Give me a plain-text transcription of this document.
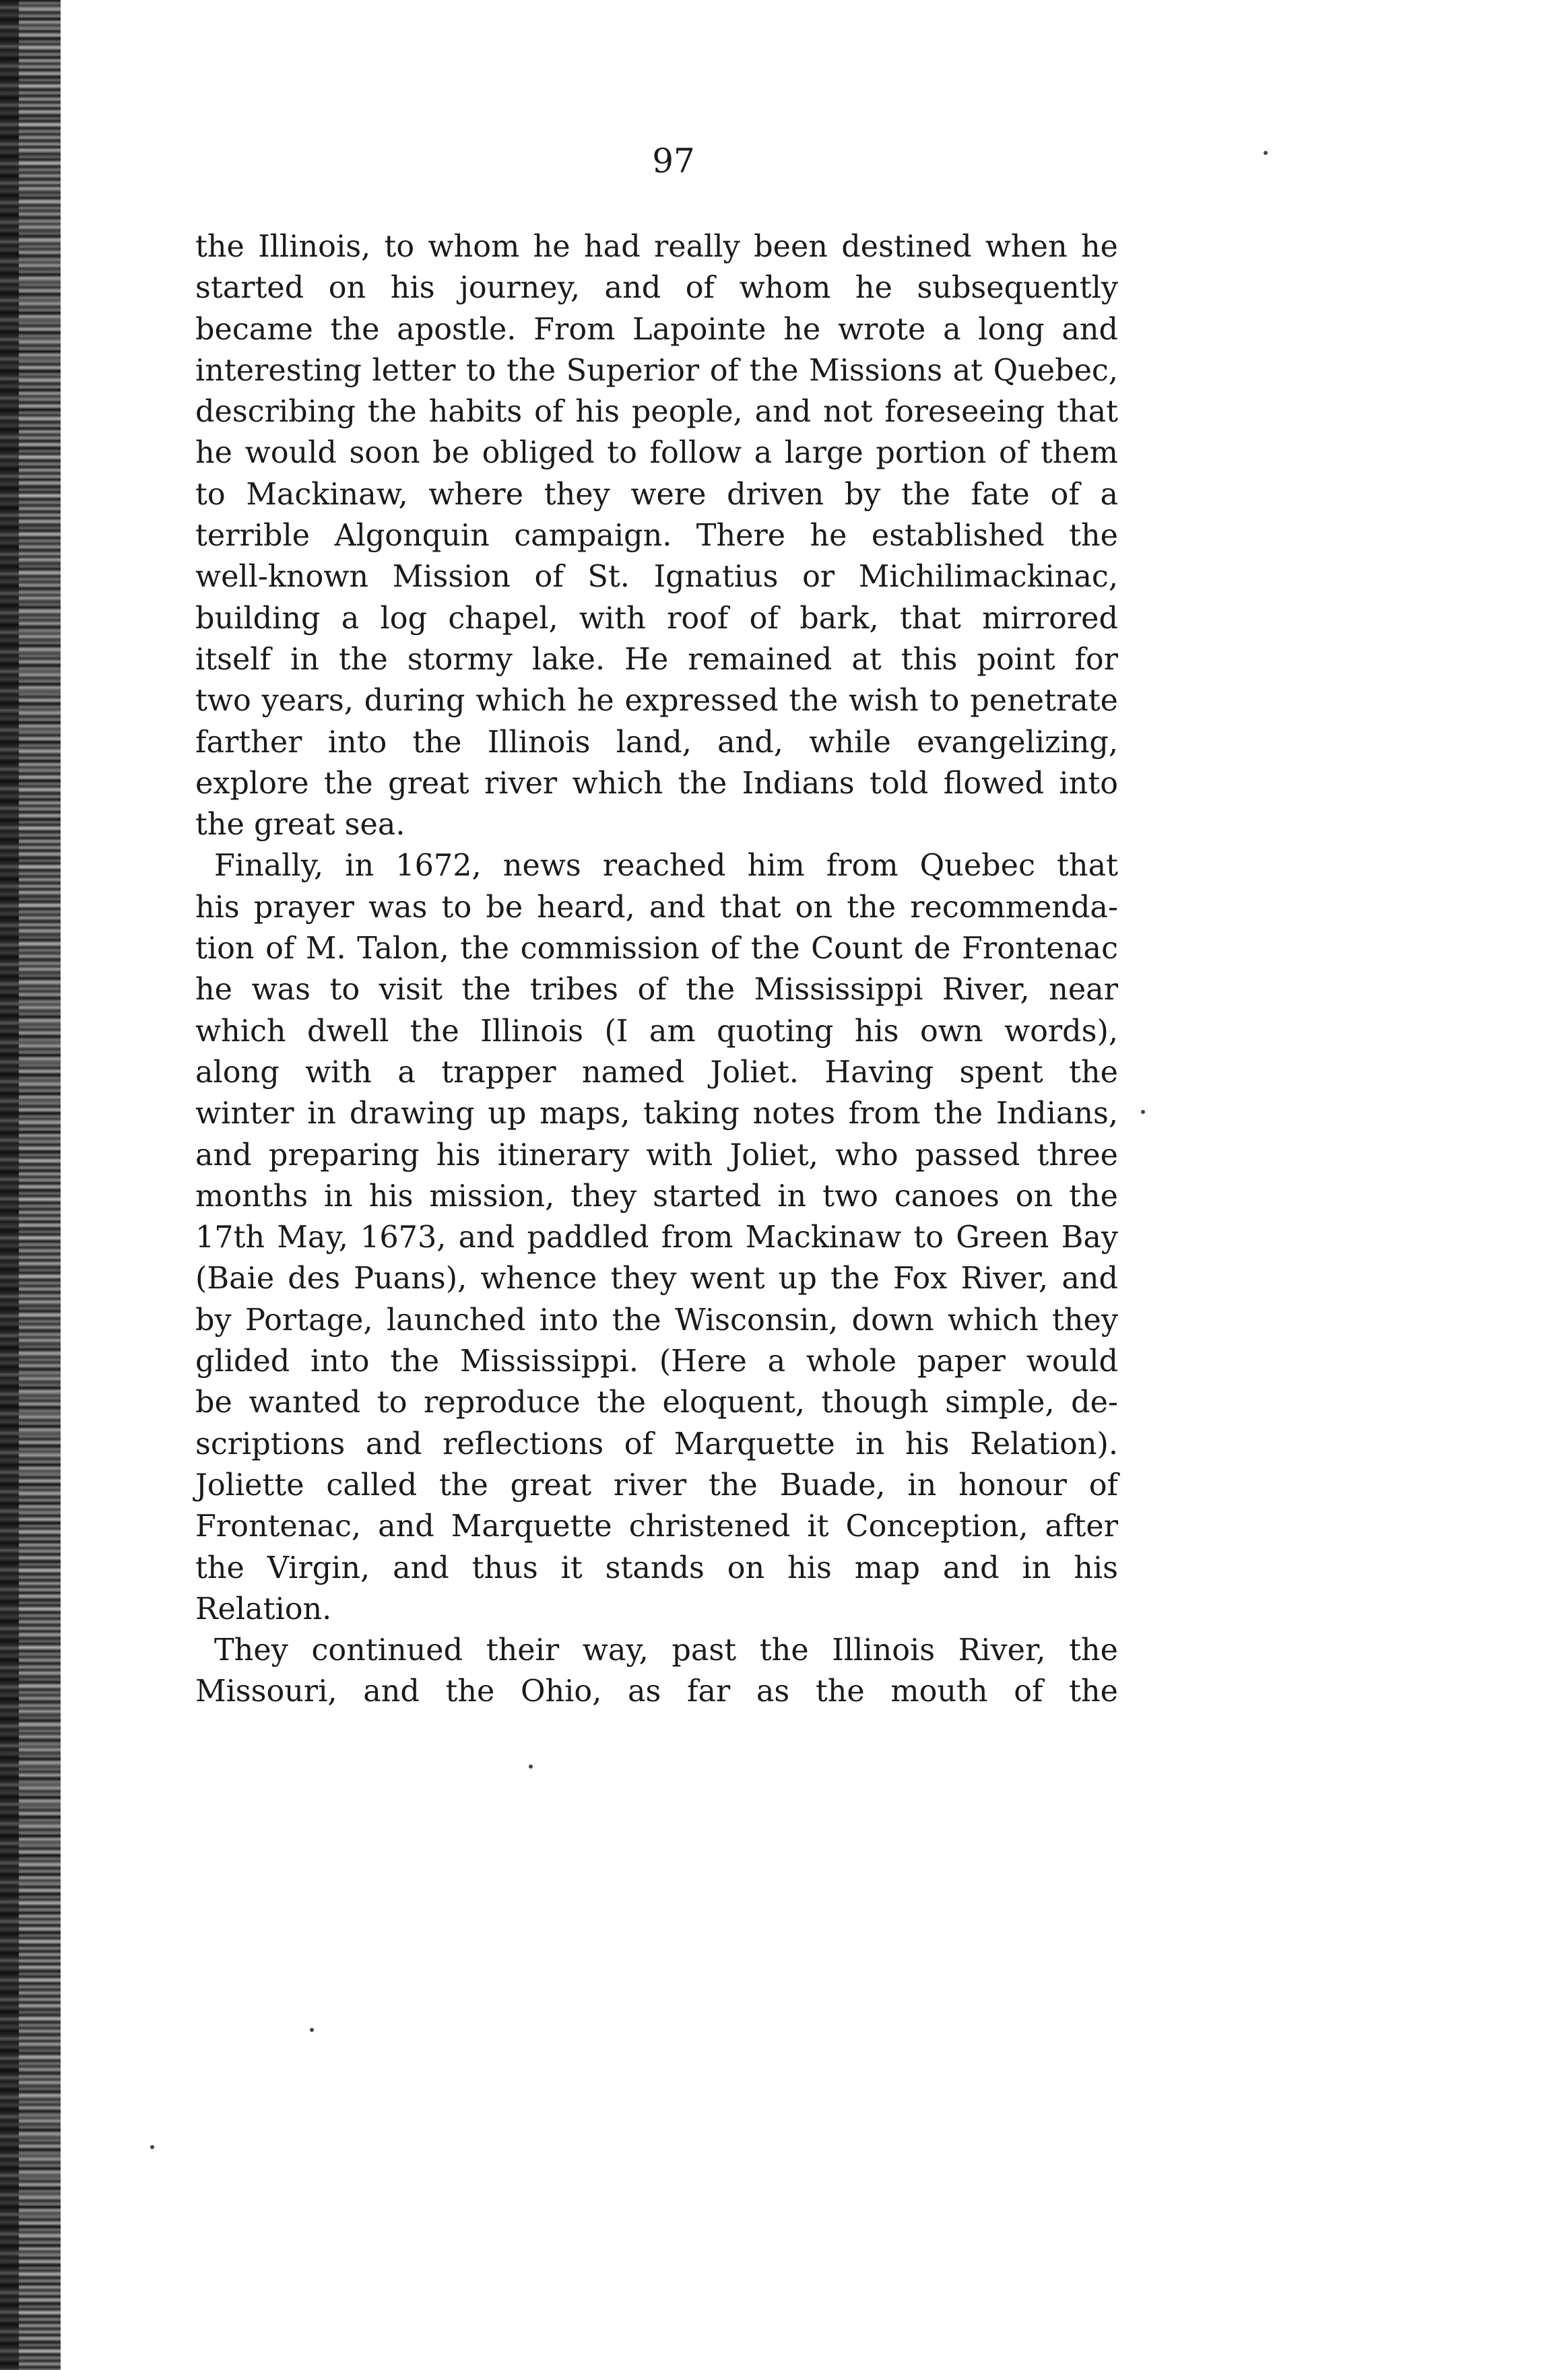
97

the Illinois, to whom he had really been destined when he
started on his journey, and of whom he subsequently
became the apostle. From Lapointe he wrote a long and
interesting letter to the Superior of the Missions at Quebec,
describing the habits of his people, and not foreseeing that
he would soon be obliged to follow a large portion of them
to Mackinaw, where they were driven by the fate of a
terrible Algonquin campaign. There he established the
well-known Mission of St. Ignatius or Michilimackinac,
building a log chapel, with roof of bark, that mirrored
itself in the stormy lake. He remained at this point for
two years, during which he expressed the wish to penetrate
farther into the Illinois land, and, while evangelizing,
explore the great river which the Indians told flowed into
the great sea.

Finally, in 1672, news reached him from Quebec that

his prayer was to be heard, and that on the recommenda-
tion of M. Talon, the commission of the Count de Frontenac
he was to visit the tribes of the Mississippi River, near
which dwell the Illinois (I am quoting his own words),
along with a trapper named Joliet. Having spent the
winter in drawing up maps, taking notes from the Indians,
and preparing his itinerary with Joliet, who passed three
months in his mission, they started in two canoes on the
17th May, 1673, and paddled from Mackinaw to Green Bay
(Baie des Puans), whence they went up the Fox River, and
by Portage, launched into the Wisconsin, down which they
glided into the Mississippi. (Here a whole paper would
be wanted to reproduce the eloquent, though simple, de-
scriptions and reflections of Marquette in his Relation).
Joliette called the great river the Buade, in honour of
Frontenac, and Marquette christened it Conception, after
the Virgin, and thus it stands on his map and in his
Relation.

They continued their way, past the Illinois River, the

Missouri, and the Ohio, as far as the mouth of the
